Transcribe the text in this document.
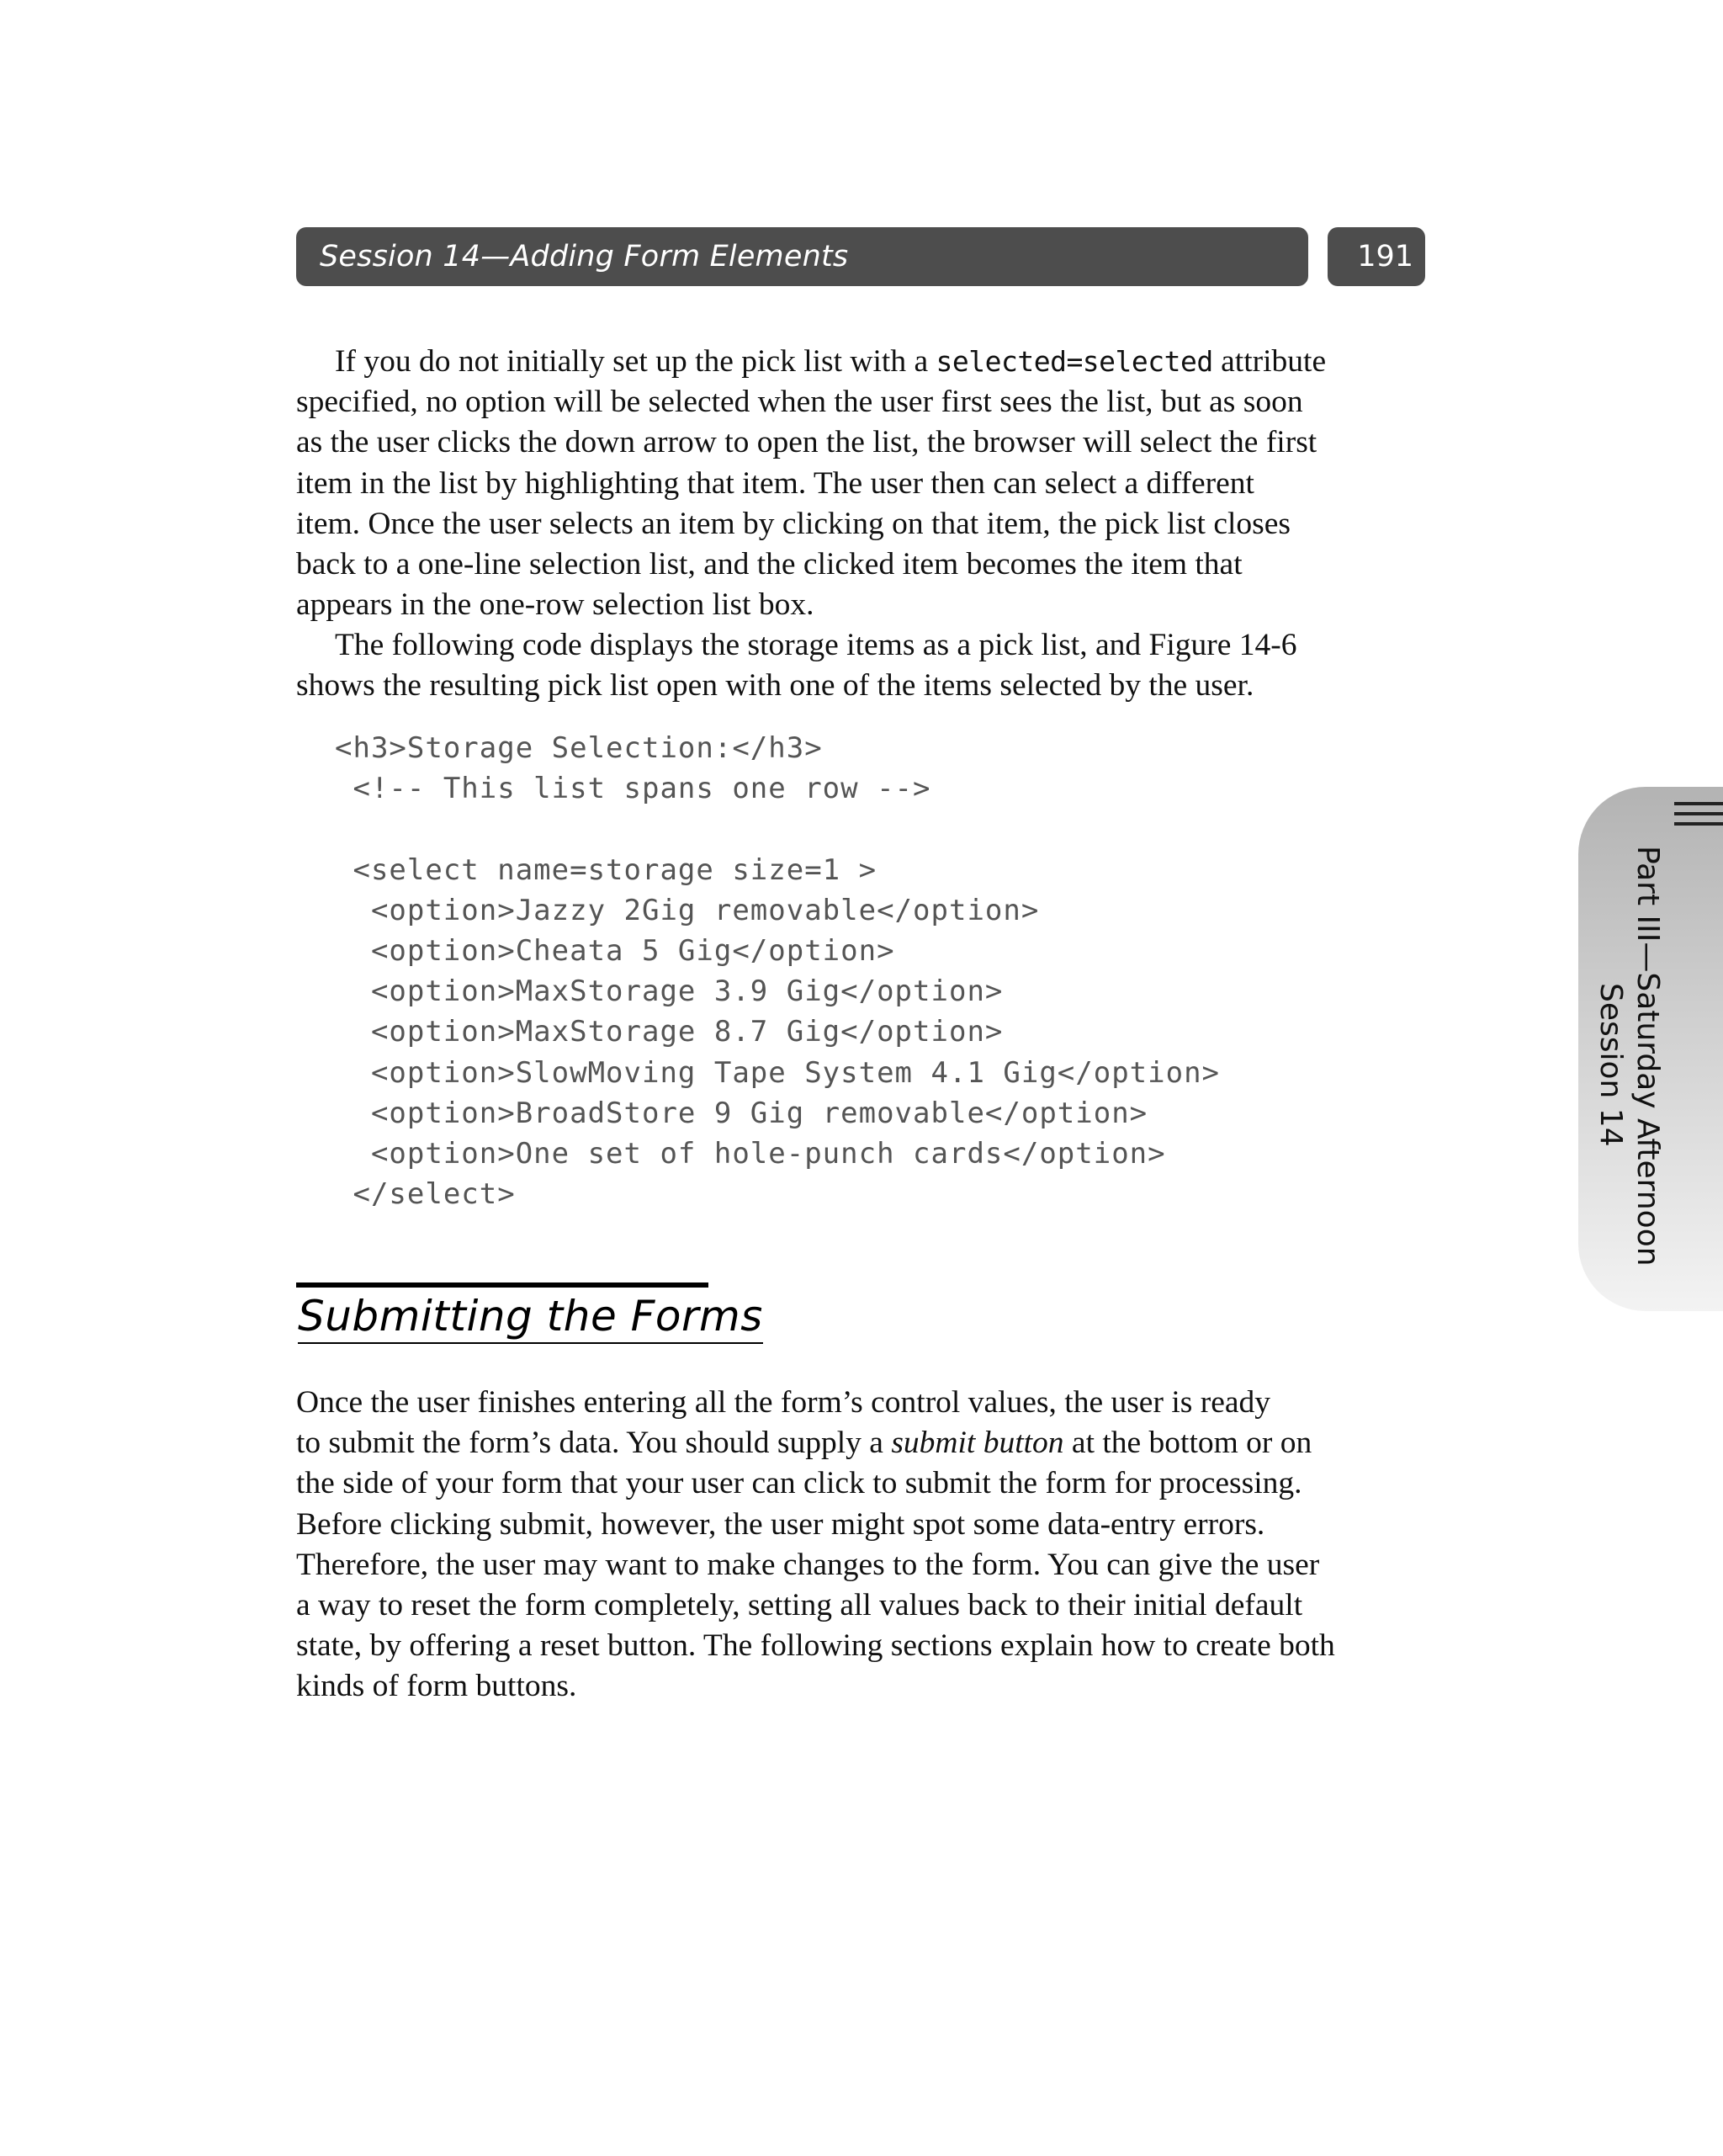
Session 14—Adding Form Elements	191

If you do not initially set up the pick list with a selected=selected attribute
specified, no option will be selected when the user first sees the list, but as soon
as the user clicks the down arrow to open the list, the browser will select the first
item in the list by highlighting that item. The user then can select a different
item. Once the user selects an item by clicking on that item, the pick list closes
back to a one-line selection list, and the clicked item becomes the item that
appears in the one-row selection list box.

The following code displays the storage items as a pick list, and Figure 14-6
shows the resulting pick list open with one of the items selected by the user.

<h3>Storage Selection:</h3>
<!-- This list spans one row -->

<select name=storage size=1 >
<option>Jazzy 2Gig removable</option>
<option>Cheata 5 Gig</option>
<option>MaxStorage 3.9 Gig</option>
<option>MaxStorage 8.7 Gig</option>
<option>SlowMoving Tape System 4.1 Gig</option>
<option>BroadStore 9 Gig removable</option>
<option>One set of hole-punch cards</option>
</select>
Submitting the Forms

Once the user finishes entering all the form’s control values, the user is ready
to submit the form’s data. You should supply a submit button at the bottom or on
the side of your form that your user can click to submit the form for processing.
Before clicking submit, however, the user might spot some data-entry errors.
Therefore, the user may want to make changes to the form. You can give the user
a way to reset the form completely, setting all values back to their initial default
state, by offering a reset button. The following sections explain how to create both
kinds of form buttons.

Part III—Saturday Afternoon
Session 14
